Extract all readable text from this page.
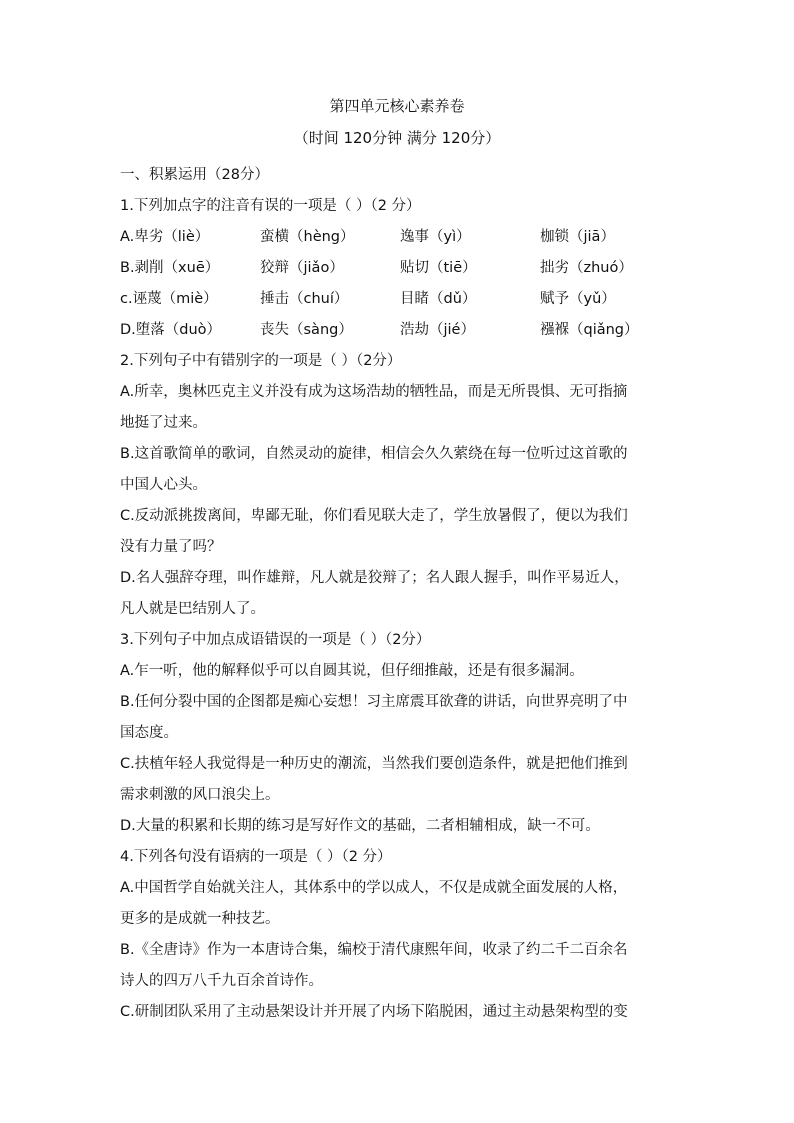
第四单元核心素养卷
（时间 120分钟 满分 120分）
一、积累运用（28分）
1.下列加点字的注音有误的一项是（ ）（2 分）
A.卑劣（liè）	蛮横（hèng）	逸事（yì）	枷锁（jiā）
B.剥削（xuē）	狡辩（jiǎo）	贴切（tiē）	拙劣（zhuó）
c.诬蔑（miè）	捶击（chuí）	目睹（dǔ）	赋予（yǔ）
D.堕落（duò）	丧失（sàng）	浩劫（jié）	襁褓（qiǎng）
2.下列句子中有错别字的一项是（ ）（2分）
A.所幸，奥林匹克主义并没有成为这场浩劫的牺牲品，而是无所畏惧、无可指摘
地挺了过来。
B.这首歌简单的歌词，自然灵动的旋律，相信会久久萦绕在每一位听过这首歌的
中国人心头。
C.反动派挑拨离间，卑鄙无耻，你们看见联大走了，学生放暑假了，便以为我们
没有力量了吗？
D.名人强辞夺理，叫作雄辩，凡人就是狡辩了；名人跟人握手，叫作平易近人，
凡人就是巴结别人了。
3.下列句子中加点成语错误的一项是（ ）（2分）
A.乍一听，他的解释似乎可以自圆其说，但仔细推敲，还是有很多漏洞。
B.任何分裂中国的企图都是痴心妄想！习主席震耳欲聋的讲话，向世界亮明了中
国态度。
C.扶植年轻人我觉得是一种历史的潮流，当然我们要创造条件，就是把他们推到
需求刺激的风口浪尖上。
D.大量的积累和长期的练习是写好作文的基础，二者相辅相成，缺一不可。
4.下列各句没有语病的一项是（ ）（2 分）
A.中国哲学自始就关注人，其体系中的学以成人，不仅是成就全面发展的人格，
更多的是成就一种技艺。
B.《全唐诗》作为一本唐诗合集，编校于清代康熙年间，收录了约二千二百余名
诗人的四万八千九百余首诗作。
C.研制团队采用了主动悬架设计并开展了内场下陷脱困，通过主动悬架构型的变
